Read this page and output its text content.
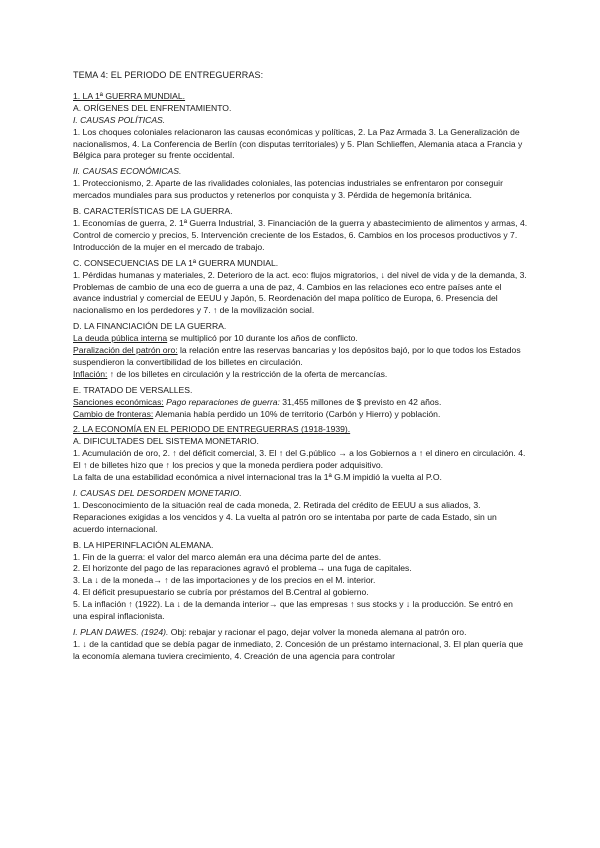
TEMA 4: EL PERIODO DE ENTREGUERRAS:
1. LA 1ª GUERRA MUNDIAL.
A. ORÍGENES DEL ENFRENTAMIENTO.
I. CAUSAS POLÍTICAS.
1. Los choques coloniales relacionaron las causas económicas y políticas, 2. La Paz Armada 3. La Generalización de nacionalismos, 4. La Conferencia de Berlín (con disputas territoriales) y 5. Plan Schlieffen, Alemania ataca a Francia y Bélgica para proteger su frente occidental.
II. CAUSAS ECONÓMICAS.
1. Proteccionismo, 2. Aparte de las rivalidades coloniales, las potencias industriales se enfrentaron por conseguir mercados mundiales para sus productos y retenerlos por conquista y 3. Pérdida de hegemonía británica.
B. CARACTERÍSTICAS DE LA GUERRA.
1. Economías de guerra, 2. 1ª Guerra Industrial, 3. Financiación de la guerra y abastecimiento de alimentos y armas, 4. Control de comercio y precios, 5. Intervención creciente de los Estados, 6. Cambios en los procesos productivos y 7. Introducción de la mujer en el mercado de trabajo.
C. CONSECUENCIAS DE LA 1ª GUERRA MUNDIAL.
1. Pérdidas humanas y materiales, 2. Deterioro de la act. eco: flujos migratorios, ↓ del nivel de vida y de la demanda, 3. Problemas de cambio de una eco de guerra a una de paz, 4. Cambios en las relaciones eco entre países ante el avance industrial y comercial de EEUU y Japón, 5. Reordenación del mapa político de Europa, 6. Presencia del nacionalismo en los perdedores y 7. ↑ de la movilización social.
D. LA FINANCIACIÓN DE LA GUERRA.
La deuda pública interna se multiplicó por 10 durante los años de conflicto.
Paralización del patrón oro: la relación entre las reservas bancarias y los depósitos bajó, por lo que todos los Estados suspendieron la convertibilidad de los billetes en circulación.
Inflación: ↑ de los billetes en circulación y la restricción de la oferta de mercancías.
E. TRATADO DE VERSALLES.
Sanciones económicas: Pago reparaciones de guerra: 31,455 millones de $ previsto en 42 años.
Cambio de fronteras: Alemania había perdido un 10% de territorio (Carbón y Hierro) y población.
2. LA ECONOMÍA EN EL PERIODO DE ENTREGUERRAS (1918-1939).
A. DIFICULTADES DEL SISTEMA MONETARIO.
1. Acumulación de oro, 2. ↑ del déficit comercial, 3. El ↑ del G.público → a los Gobiernos a ↑ el dinero en circulación. 4. El ↑ de billetes hizo que ↑ los precios y que la moneda perdiera poder adquisitivo.
La falta de una estabilidad económica a nivel internacional tras la 1ª G.M impidió la vuelta al P.O.
I. CAUSAS DEL DESORDEN MONETARIO.
1. Desconocimiento de la situación real de cada moneda, 2. Retirada del crédito de EEUU a sus aliados, 3. Reparaciones exigidas a los vencidos y 4. La vuelta al patrón oro se intentaba por parte de cada Estado, sin un acuerdo internacional.
B. LA HIPERINFLACIÓN ALEMANA.
1. Fin de la guerra: el valor del marco alemán era una décima parte del de antes.
2. El horizonte del pago de las reparaciones agravó el problema→ una fuga de capitales.
3. La ↓ de la moneda→ ↑ de las importaciones y de los precios en el M. interior.
4. El déficit presupuestario se cubría por préstamos del B.Central al gobierno.
5. La inflación ↑ (1922). La ↓ de la demanda interior→ que las empresas ↑ sus stocks y ↓ la producción. Se entró en una espiral inflacionista.
I. PLAN DAWES. (1924). Obj: rebajar y racionar el pago, dejar volver la moneda alemana al patrón oro.
1. ↓ de la cantidad que se debía pagar de inmediato, 2. Concesión de un préstamo internacional, 3. El plan quería que la economía alemana tuviera crecimiento, 4. Creación de una agencia para controlar
